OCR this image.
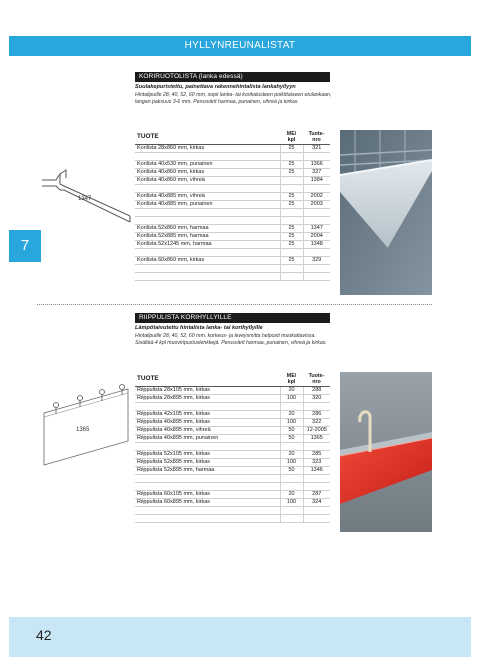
HYLLYNREUNALISTAT
7
KORIRUOTOLISTA (lanka edessä)
Suulakepuristettu, painettava rakennehintalista lankahyllyyn
Hintalipuille 28, 40, 52, 60 mm, sopii lanka- tai korikalusteen poikittaiseen etulankaan, langan paksuus 3-6 mm. Perusvärit harmaa, punainen, vihreä ja kirkas.
1347
TUOTE	ME/
kpl	Tuote-
nro
Korilista 28x860 mm, kirkas	25	321

Korilista 40x530 mm, punainen	25	1366
Korilista 40x860 mm, kirkas	25	327
Korilista 40x860 mm, vihreä		1384

Korilista 40x885 mm, vihreä	25	2002
Korilista 40x885 mm, punainen	25	2003

Korilista 52x860 mm, harmaa	25	1347
Korilista 52x885 mm, harmaa	25	2004
Korilista 52x1245 mm, harmaa	25	1348

Korilista 60x860 mm, kirkas	25	329

RIIPPULISTA KORIHYLLYILLE
Lämpötaivutettu hintalista lanka- tai korihyllyille
Hintalipuille 28, 40, 52, 60 mm, korkeus- ja leveysmitta helposti muokattavissa. Sisältää 4 kpl muoviripustuslenkkejä. Perusvärit harmaa, punainen, vihreä ja kirkas.
1365
TUOTE	ME/
kpl	Tuote-
nro
Riippulista 28x105 mm, kirkas	20	288
Riippulista 28x895 mm, kirkas	100	320

Riippulista 42x105 mm, kirkas	20	286
Riippulista 40x895 mm, kirkas	100	322
Riippulista 40x895 mm, vihreä	50	12-2005
Riippulista 40x895 mm, punainen	50	1365

Riippulista 52x105 mm, kirkas	20	285
Riippulista 52x895 mm, kirkas	100	323
Riippulista 52x895 mm, harmaa	50	1346

Riippulista 60x105 mm, kirkas	20	287
Riippulista 60x895 mm, kirkas	100	324

42
